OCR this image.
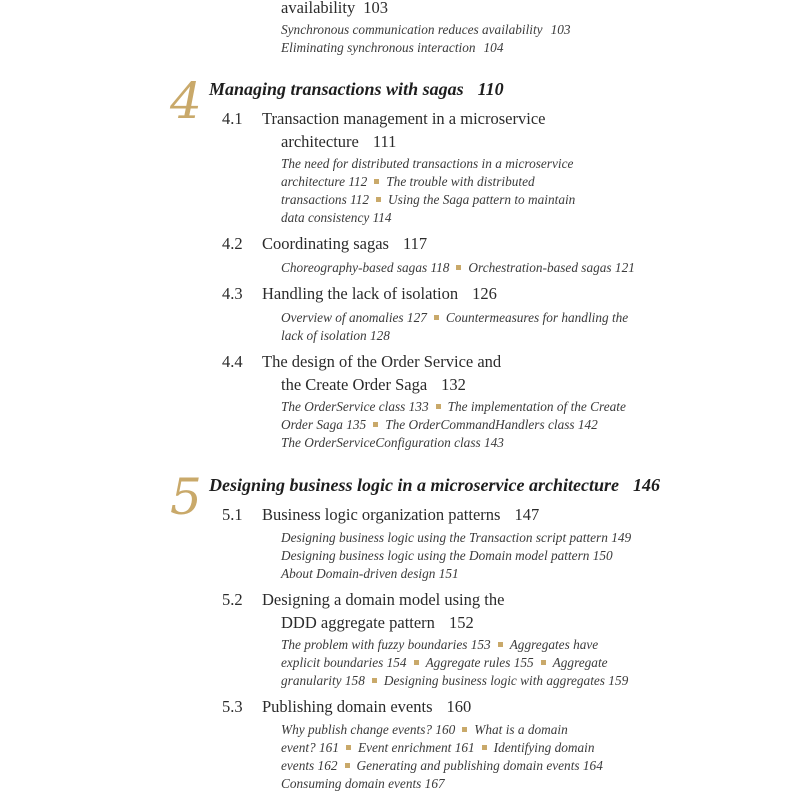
availability 103
Synchronous communication reduces availability 103
Eliminating synchronous interaction 104
4 Managing transactions with sagas 110
4.1 Transaction management in a microservice
architecture 111
The need for distributed transactions in a microservice
architecture 112 The trouble with distributed
transactions 112 Using the Saga pattern to maintain
data consistency 114
4.2 Coordinating sagas 117
Choreography-based sagas 118 Orchestration-based sagas 121
4.3 Handling the lack of isolation 126
Overview of anomalies 127 Countermeasures for handling the
lack of isolation 128
4.4 The design of the Order Service and
the Create Order Saga 132
The OrderService class 133 The implementation of the Create
Order Saga 135 The OrderCommandHandlers class 142
The OrderServiceConfiguration class 143
5 Designing business logic in a microservice architecture 146
5.1 Business logic organization patterns 147
Designing business logic using the Transaction script pattern 149
Designing business logic using the Domain model pattern 150
About Domain-driven design 151
5.2 Designing a domain model using the
DDD aggregate pattern 152
The problem with fuzzy boundaries 153 Aggregates have
explicit boundaries 154 Aggregate rules 155 Aggregate
granularity 158 Designing business logic with aggregates 159
5.3 Publishing domain events 160
Why publish change events? 160 What is a domain
event? 161 Event enrichment 161 Identifying domain
events 162 Generating and publishing domain events 164
Consuming domain events 167
